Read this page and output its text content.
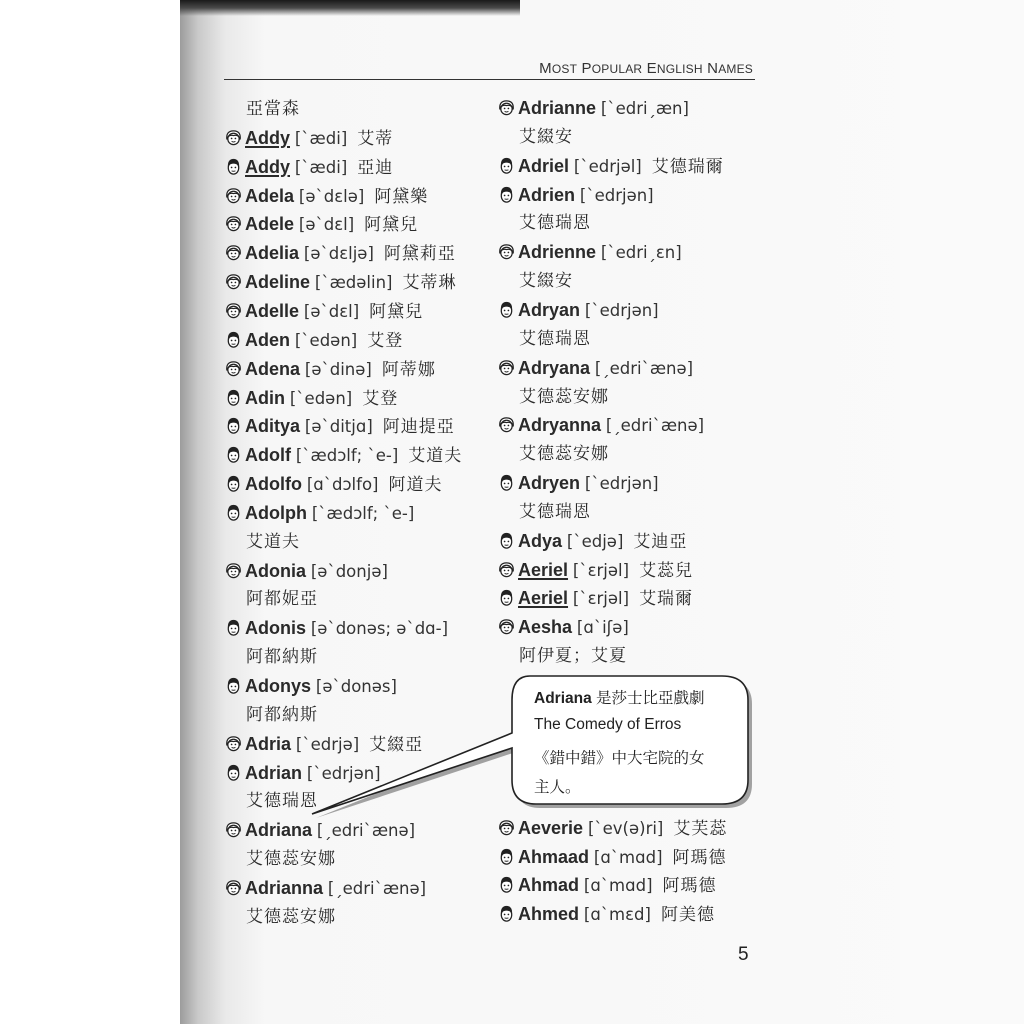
MOST POPULAR ENGLISH NAMES
亞當森
Addy [ˋædi] 艾蒂
Addy [ˋædi] 亞迪
Adela [əˋdɛlə] 阿黛樂
Adele [əˋdɛl] 阿黛兒
Adelia [əˋdɛljə] 阿黛莉亞
Adeline [ˋædəlin] 艾蒂琳
Adelle [əˋdɛl] 阿黛兒
Aden [ˋedən] 艾登
Adena [əˋdinə] 阿蒂娜
Adin [ˋedən] 艾登
Aditya [əˋditjɑ] 阿迪提亞
Adolf [ˋædɔlf; ˋe-] 艾道夫
Adolfo [ɑˋdɔlfo] 阿道夫
Adolph [ˋædɔlf; ˋe-]
艾道夫
Adonia [əˋdonjə]
阿都妮亞
Adonis [əˋdonəs; əˋdɑ-]
阿都納斯
Adonys [əˋdonəs]
阿都納斯
Adria [ˋedrjə] 艾綴亞
Adrian [ˋedrjən]
艾德瑞恩
Adriana [ˏedriˋænə]
艾德蕊安娜
Adrianna [ˏedriˋænə]
艾德蕊安娜
Adrianne [ˋedriˏæn]
艾綴安
Adriel [ˋedrjəl] 艾德瑞爾
Adrien [ˋedrjən]
艾德瑞恩
Adrienne [ˋedriˏɛn]
艾綴安
Adryan [ˋedrjən]
艾德瑞恩
Adryana [ˏedriˋænə]
艾德蕊安娜
Adryanna [ˏedriˋænə]
艾德蕊安娜
Adryen [ˋedrjən]
艾德瑞恩
Adya [ˋedjə] 艾迪亞
Aeriel [ˋɛrjəl] 艾蕊兒
Aeriel [ˋɛrjəl] 艾瑞爾
Aesha [ɑˋiʃə]
阿伊夏；艾夏
Aeverie [ˋev(ə)ri] 艾芙蕊
Ahmaad [ɑˋmɑd] 阿瑪德
Ahmad [ɑˋmɑd] 阿瑪德
Ahmed [ɑˋmɛd] 阿美德
Adriana 是莎士比亞戲劇
The Comedy of Erros
《錯中錯》中大宅院的女
主人。
5
